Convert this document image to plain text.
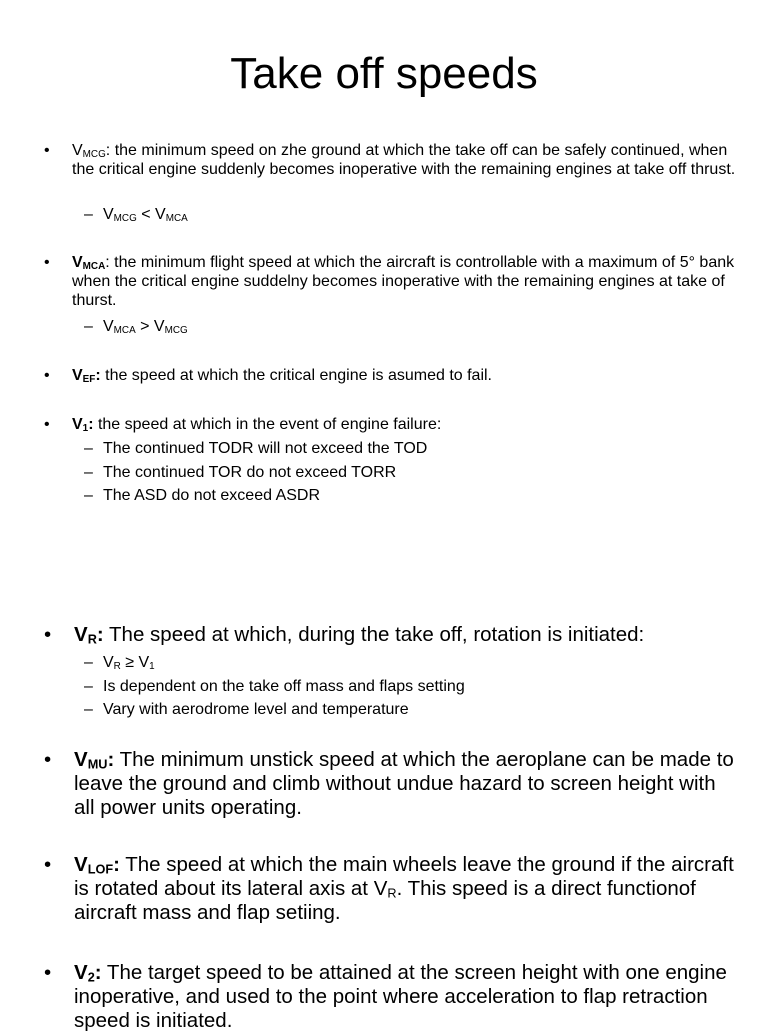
Take off speeds
• $V_{MCG}$: the minimum speed on zhe ground at which the take off can be safely continued, when the critical engine suddenly becomes inoperative with the remaining engines at take off thrust.
– $V_{MCG} < V_{MCA}$
• $V_{MCA}$: the minimum flight speed at which the aircraft is controllable with a maximum of 5° bank when the critical engine suddelny becomes inoperative with the remaining engines at take of thurst.
– $V_{MCA} > V_{MCG}$
• $V_{EF}$: the speed at which the critical engine is asumed to fail.
• $V_1$: the speed at which in the event of engine failure:
– The continued TODR will not exceed the TOD
– The continued TOR do not exceed TORR
– The ASD do not exceed ASDR
• $V_R$: The speed at which, during the take off, rotation is initiated:
– $V_R \ge V_1$
– Is dependent on the take off mass and flaps setting
– Vary with aerodrome level and temperature
• $V_{MU}$: The minimum unstick speed at which the aeroplane can be made to leave the ground and climb without undue hazard to screen height with all power units operating.
• $V_{LOF}$: The speed at which the main wheels leave the ground if the aircraft is rotated about its lateral axis at $V_R$. This speed is a direct functionof aircraft mass and flap setiing.
• $V_2$: The target speed to be attained at the screen height with one engine inoperative, and used to the point where acceleration to flap retraction speed is initiated.
